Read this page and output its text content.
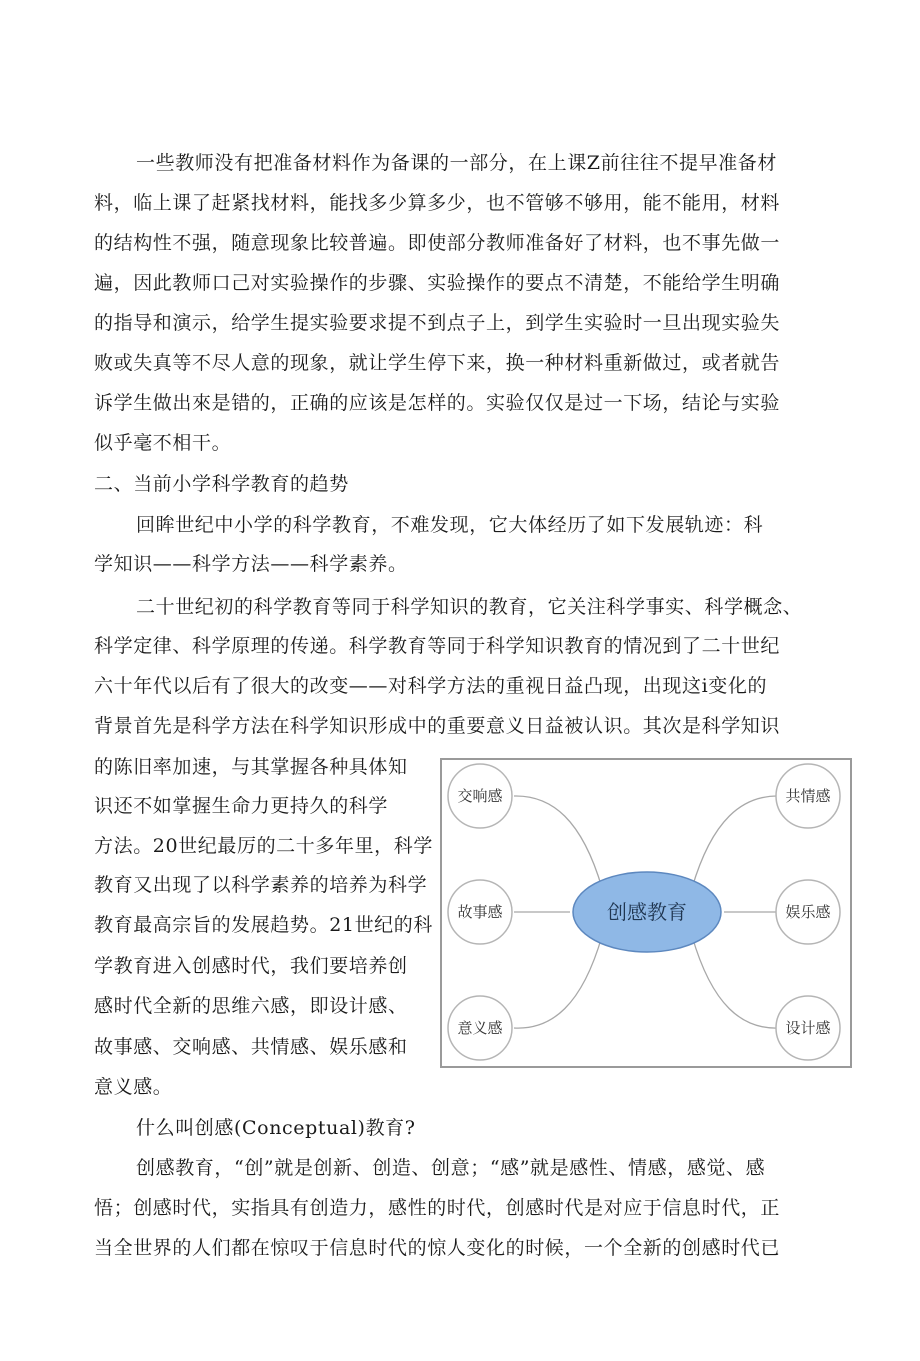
一些教师没有把准备材料作为备课的一部分，在上课Z前往往不提早准备材
料，临上课了赶紧找材料，能找多少算多少，也不管够不够用，能不能用，材料
的结构性不强，随意现象比较普遍。即使部分教师准备好了材料，也不事先做一
遍，因此教师口己对实验操作的步骤、实验操作的要点不清楚，不能给学生明确
的指导和演示，给学生提实验要求提不到点子上，到学生实验时一旦出现实验失
败或失真等不尽人意的现象，就让学生停下来，换一种材料重新做过，或者就告
诉学生做出來是错的，正确的应该是怎样的。实验仅仅是过一下场，结论与实验
似乎毫不相干。
二、当前小学科学教育的趋势
回眸世纪中小学的科学教育，不难发现，它大体经历了如下发展轨迹：科
学知识——科学方法——科学素养。
二十世纪初的科学教育等同于科学知识的教育，它关注科学事实、科学概念、
科学定律、科学原理的传递。科学教育等同于科学知识教育的情况到了二十世纪
六十年代以后有了很大的改变——对科学方法的重视日益凸现，出现这i变化的
背景首先是科学方法在科学知识形成中的重要意义日益被认识。其次是科学知识
的陈旧率加速，与其掌握各种具体知
识还不如掌握生命力更持久的科学
方法。20世纪最厉的二十多年里，科学
教育又出现了以科学素养的培养为科学
教育最高宗旨的发展趋势。21世纪的科
学教育进入创感时代，我们要培养创
感时代全新的思维六感，即设计感、
故事感、交响感、共情感、娱乐感和
意义感。
什么叫创感(Conceptual)教育?
创感教育，“创”就是创新、创造、创意；“感”就是感性、情感，感觉、感
悟；创感时代，实指具有创造力，感性的时代，创感时代是对应于信息时代，正
当全世界的人们都在惊叹于信息时代的惊人变化的时候，一个全新的创感时代已
交响感
故事感
意义感
共情感
娱乐感
设计感
创感教育
